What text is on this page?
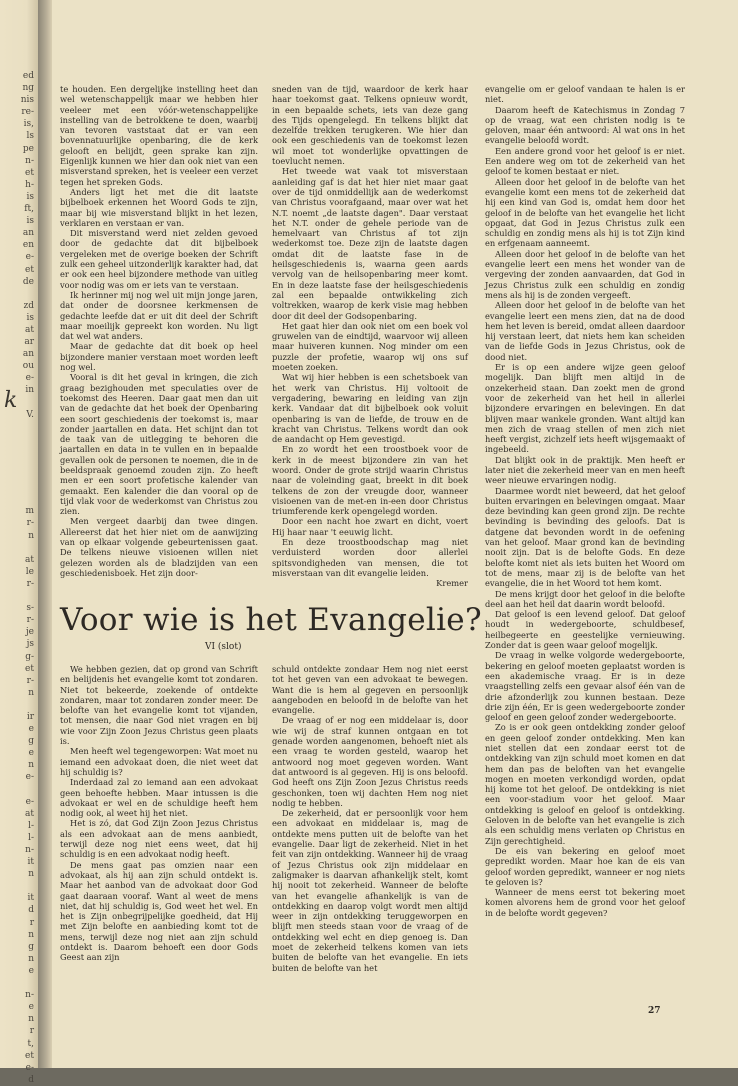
ed
ng
nis
re-
is,
ls
pe
n-
et
h-
is
ft,
is
an
en
e-
et
de

zd
is
at
ar
an
ou
e-
in

V.

m
r-
n

at
le
r-

s-
r-
je
js
g-
et
r-
n

ir
e
g
e
n
e-

e-
at
l-
l-
n-
it
n

it
d
r
n
g
n
e

n-
e
n
r
t,
et
e-
d
k

te houden. Een dergelijke instelling heet dan wel wetenschappelijk maar we hebben hier veeleer met een vóór-wetenschappelijke instelling van de betrokkene te doen, waarbij van tevoren vaststaat dat er van een bovennatuurlijke openbaring, die de kerk gelooft en belijdt, geen sprake kan zijn. Eigenlijk kunnen we hier dan ook niet van een misverstand spreken, het is veeleer een verzet tegen het spreken Gods.

Anders ligt het met die dit laatste bijbelboek erkennen het Woord Gods te zijn, maar bij wie misverstand blijkt in het lezen, verklaren en verstaan er van.

Dit misverstand werd niet zelden gevoed door de gedachte dat dit bijbelboek vergeleken met de overige boeken der Schrift zulk een geheel uitzonderlijk karakter had, dat er ook een heel bijzondere methode van uitleg voor nodig was om er iets van te verstaan.

Ik herinner mij nog wel uit mijn jonge jaren, dat onder de doorsnee kerkmensen de gedachte leefde dat er uit dit deel der Schrift maar moeilijk gepreekt kon worden. Nu ligt dat wel wat anders.

Maar de gedachte dat dit boek op heel bijzondere manier verstaan moet worden leeft nog wel.

Vooral is dit het geval in kringen, die zich graag bezighouden met speculaties over de toekomst des Heeren. Daar gaat men dan uit van de gedachte dat het boek der Openbaring een soort geschiedenis der toekomst is, maar zonder jaartallen en data. Het schijnt dan tot de taak van de uitlegging te behoren die jaartallen en data in te vullen en in bepaalde gevallen ook de personen te noemen, die in de beeldspraak genoemd zouden zijn. Zo heeft men er een soort profetische kalender van gemaakt. Een kalender die dan vooral op de tijd vlak voor de wederkomst van Christus zou zien.

Men vergeet daarbij dan twee dingen. Allereerst dat het hier niet om de aanwijzing van op elkaar volgende gebeurtenissen gaat. De telkens nieuwe visioenen willen niet gelezen worden als de bladzijden van een geschiedenisboek. Het zijn door-

sneden van de tijd, waardoor de kerk haar haar toekomst gaat. Telkens opnieuw wordt, in een bepaalde schets, iets van deze gang des Tijds opengelegd. En telkens blijkt dat dezelfde trekken terugkeren. Wie hier dan ook een geschiedenis van de toekomst lezen wil moet tot wonderlijke opvattingen de toevlucht nemen.

Het tweede wat vaak tot misverstaan aanleiding gaf is dat het hier niet maar gaat over de tijd onmiddellijk aan de wederkomst van Christus voorafgaand, maar over wat het N.T. noemt „de laatste dagen". Daar verstaat het N.T. onder de gehele periode van de hemelvaart van Christus af tot zijn wederkomst toe. Deze zijn de laatste dagen omdat dit de laatste fase in de heilsgeschiedenis is, waarna geen aards vervolg van de heilsopenbaring meer komt. En in deze laatste fase der heilsgeschiedenis zal een bepaalde ontwikkeling zich voltrekken, waarop de kerk visie mag hebben door dit deel der Godsopenbaring.

Het gaat hier dan ook niet om een boek vol gruwelen van de eindtijd, waarvoor wij alleen maar huiveren kunnen. Nog minder om een puzzle der profetie, waarop wij ons suf moeten zoeken.

Wat wij hier hebben is een schetsboek van het werk van Christus. Hij voltooit de vergadering, bewaring en leiding van zijn kerk. Vandaar dat dit bijbelboek ook voluit openbaring is van de liefde, de trouw en de kracht van Christus. Telkens wordt dan ook de aandacht op Hem gevestigd.

En zo wordt het een troostboek voor de kerk in de meest bijzondere zin van het woord. Onder de grote strijd waarin Christus naar de voleinding gaat, breekt in dit boek telkens de zon der vreugde door, wanneer visioenen van de met-en in-een door Christus triumferende kerk opengelegd worden.

Door een nacht hoe zwart en dicht, voert Hij haar naar 't eeuwig licht.

En deze troostboodschap mag niet verduisterd worden door allerlei spitsvondigheden van mensen, die tot misverstaan van dit evangelie leiden.

Kremer

evangelie om er geloof vandaan te halen is er niet.

Daarom heeft de Katechismus in Zondag 7 op de vraag, wat een christen nodig is te geloven, maar één antwoord: Al wat ons in het evangelie beloofd wordt.

Een andere grond voor het geloof is er niet. Een andere weg om tot de zekerheid van het geloof te komen bestaat er niet.

Alleen door het geloof in de belofte van het evangelie komt een mens tot de zekerheid dat hij een kind van God is, omdat hem door het geloof in de belofte van het evangelie het licht opgaat, dat God in Jezus Christus zulk een schuldig en zondig mens als hij is tot Zijn kind en erfgenaam aanneemt.

Alleen door het geloof in de belofte van het evangelie leert een mens het wonder van de vergeving der zonden aanvaarden, dat God in Jezus Christus zulk een schuldig en zondig mens als hij is de zonden vergeeft.

Alleen door het geloof in de belofte van het evangelie leert een mens zien, dat na de dood hem het leven is bereid, omdat alleen daardoor hij verstaan leert, dat niets hem kan scheiden van de liefde Gods in Jezus Christus, ook de dood niet.

Er is op een andere wijze geen geloof mogelijk. Dan blijft men altijd in de onzekerheid staan. Dan zoekt men de grond voor de zekerheid van het heil in allerlei bijzondere ervaringen en belevingen. En dat blijven maar wankele gronden. Want altijd kan men zich de vraag stellen of men zich niet heeft vergist, zichzelf iets heeft wijsgemaakt of ingebeeld.

Dat blijkt ook in de praktijk. Men heeft er later niet die zekerheid meer van en men heeft weer nieuwe ervaringen nodig.

Daarmee wordt niet beweerd, dat het geloof buiten ervaringen en belevingen omgaat. Maar deze bevinding kan geen grond zijn. De rechte bevinding is bevinding des geloofs. Dat is datgene dat bevonden wordt in de oefening van het geloof. Maar grond kan de bevinding nooit zijn. Dat is de belofte Gods. En deze belofte komt niet als iets buiten het Woord om tot de mens, maar zij is de belofte van het evangelie, die in het Woord tot hem komt.

De mens krijgt door het geloof in die belofte deel aan het heil dat daarin wordt beloofd.

Dat geloof is een levend geloof. Dat geloof houdt in wedergeboorte, schuldbesef, heilbegeerte en geestelijke vernieuwing. Zonder dat is geen waar geloof mogelijk.

De vraag in welke volgorde wedergeboorte, bekering en geloof moeten geplaatst worden is een akademische vraag. Er is in deze vraagstelling zelfs een gevaar alsof één van de drie afzonderlijk zou kunnen bestaan. Deze drie zijn één, Er is geen wedergeboorte zonder geloof en geen geloof zonder wedergeboorte.

Zo is er ook geen ontdekking zonder geloof en geen geloof zonder ontdekking. Men kan niet stellen dat een zondaar eerst tot de ontdekking van zijn schuld moet komen en dat hem dan pas de beloften van het evangelie mogen en moeten verkondigd worden, opdat hij kome tot het geloof. De ontdekking is niet een voor-stadium voor het geloof. Maar ontdekking is geloof en geloof is ontdekking. Geloven in de belofte van het evangelie is zich als een schuldig mens verlaten op Christus en Zijn gerechtigheid.

De eis van bekering en geloof moet gepredikt worden. Maar hoe kan de eis van geloof worden gepredikt, wanneer er nog niets te geloven is?

Wanneer de mens eerst tot bekering moet komen alvorens hem de grond voor het geloof in de belofte wordt gegeven?

Voor wie is het Evangelie?
VI (slot)

We hebben gezien, dat op grond van Schrift en belijdenis het evangelie komt tot zondaren. Niet tot bekeerde, zoekende of ontdekte zondaren, maar tot zondaren zonder meer. De belofte van het evangelie komt tot vijanden, tot mensen, die naar God niet vragen en bij wie voor Zijn Zoon Jezus Christus geen plaats is.

Men heeft wel tegengeworpen: Wat moet nu iemand een advokaat doen, die niet weet dat hij schuldig is?

Inderdaad zal zo iemand aan een advokaat geen behoefte hebben. Maar intussen is die advokaat er wel en de schuldige heeft hem nodig ook, al weet hij het niet.

Het is zó, dat God Zijn Zoon Jezus Christus als een advokaat aan de mens aanbiedt, terwijl deze nog niet eens weet, dat hij schuldig is en een advokaat nodig heeft.

De mens gaat pas omzien naar een advokaat, als hij aan zijn schuld ontdekt is. Maar het aanbod van de advokaat door God gaat daaraan vooraf. Want al weet de mens niet, dat hij schuldig is, God weet het wel. En het is Zijn onbegrijpelijke goedheid, dat Hij met Zijn belofte en aanbieding komt tot de mens, terwijl deze nog niet aan zijn schuld ontdekt is. Daarom behoeft een door Gods Geest aan zijn

schuld ontdekte zondaar Hem nog niet eerst tot het geven van een advokaat te bewegen. Want die is hem al gegeven en persoonlijk aangeboden en beloofd in de belofte van het evangelie.

De vraag of er nog een middelaar is, door wie wij de straf kunnen ontgaan en tot genade worden aangenomen, behoeft niet als een vraag te worden gesteld, waarop het antwoord nog moet gegeven worden. Want dat antwoord is al gegeven. Hij is ons beloofd. God heeft ons Zijn Zoon Jezus Christus reeds geschonken, toen wij dachten Hem nog niet nodig te hebben.

De zekerheid, dat er persoonlijk voor hem een advokaat en middelaar is, mag de ontdekte mens putten uit de belofte van het evangelie. Daar ligt de zekerheid. Niet in het feit van zijn ontdekking. Wanneer hij de vraag of Jezus Christus ook zijn middelaar en zaligmaker is daarvan afhankelijk stelt, komt hij nooit tot zekerheid. Wanneer de belofte van het evangelie afhankelijk is van de ontdekking en daarop volgt wordt men altijd weer in zijn ontdekking teruggeworpen en blijft men steeds staan voor de vraag of de ontdekking wel echt en diep genoeg is. Dan moet de zekerheid telkens komen van iets buiten de belofte van het evangelie. En iets buiten de belofte van het

27
